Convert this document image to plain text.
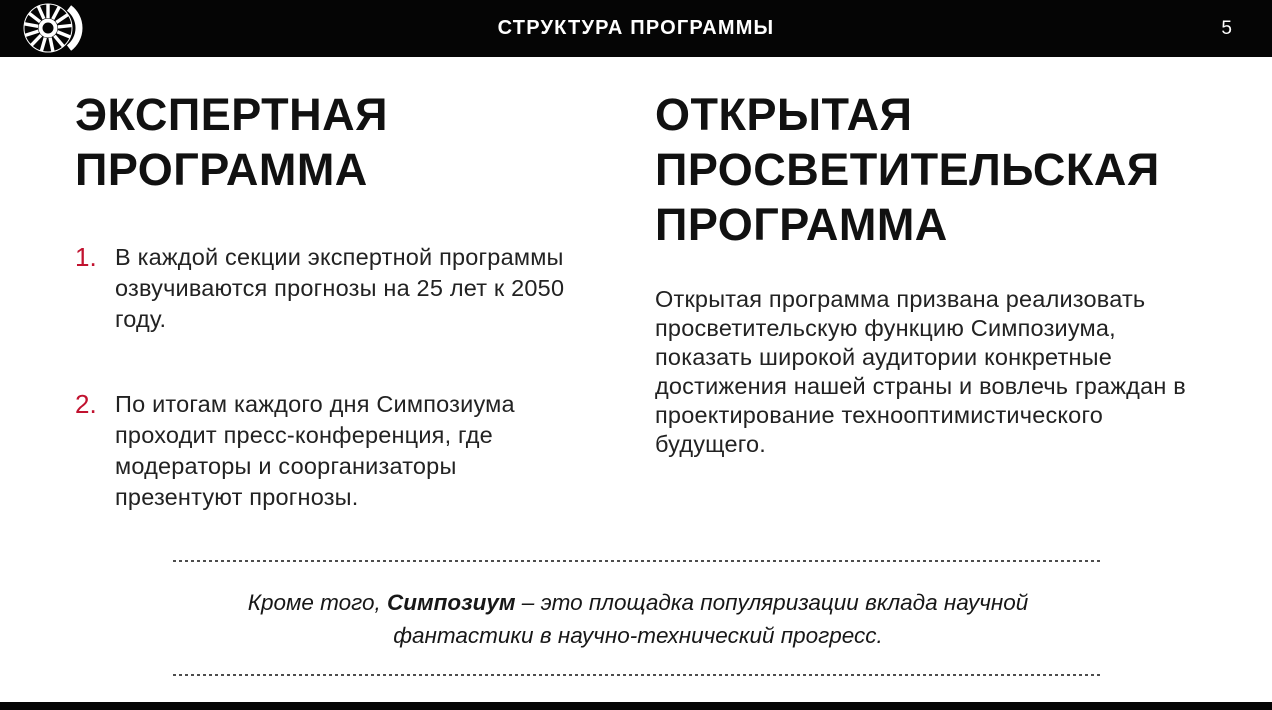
СТРУКТУРА ПРОГРАММЫ	5
ЭКСПЕРТНАЯ ПРОГРАММА
1. В каждой секции экспертной программы озвучиваются прогнозы на 25 лет к 2050 году.
2. По итогам каждого дня Симпозиума проходит пресс-конференция, где модераторы и соорганизаторы презентуют прогнозы.
ОТКРЫТАЯ ПРОСВЕТИТЕЛЬСКАЯ ПРОГРАММА

Открытая программа призвана реализовать просветительскую функцию Симпозиума, показать широкой аудитории конкретные достижения нашей страны и вовлечь граждан в проектирование технооптимистического будущего.

Кроме того, Симпозиум – это площадка популяризации вклада научной фантастики в научно-технический прогресс.
